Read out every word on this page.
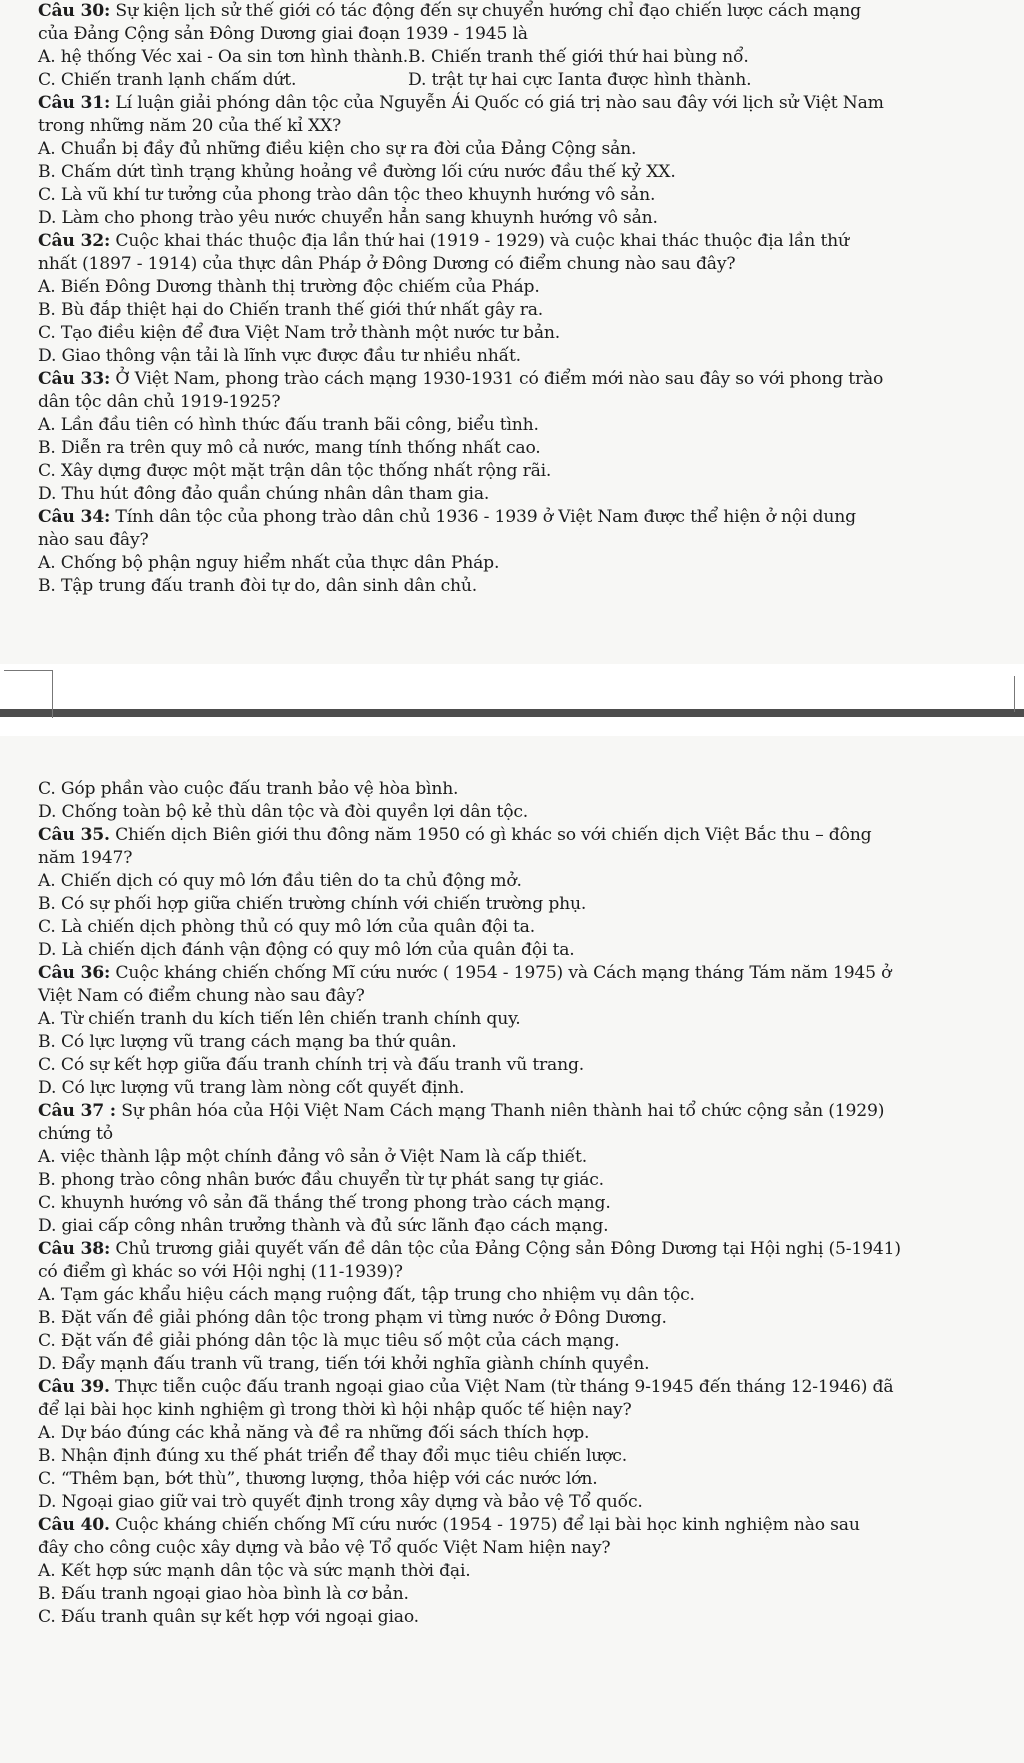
Câu 30: Sự kiện lịch sử thế giới có tác động đến sự chuyển hướng chỉ đạo chiến lược cách mạng
của Đảng Cộng sản Đông Dương giai đoạn 1939 - 1945 là
A. hệ thống Véc xai - Oa sin tơn hình thành. B. Chiến tranh thế giới thứ hai bùng nổ.
C. Chiến tranh lạnh chấm dứt.	D. trật tự hai cực Ianta được hình thành.
Câu 31: Lí luận giải phóng dân tộc của Nguyễn Ái Quốc có giá trị nào sau đây với lịch sử Việt Nam
trong những năm 20 của thế kỉ XX?
A. Chuẩn bị đầy đủ những điều kiện cho sự ra đời của Đảng Cộng sản.
B. Chấm dứt tình trạng khủng hoảng về đường lối cứu nước đầu thế kỷ XX.
C. Là vũ khí tư tưởng của phong trào dân tộc theo khuynh hướng vô sản.
D. Làm cho phong trào yêu nước chuyển hẳn sang khuynh hướng vô sản.
Câu 32: Cuộc khai thác thuộc địa lần thứ hai (1919 - 1929) và cuộc khai thác thuộc địa lần thứ
nhất (1897 - 1914) của thực dân Pháp ở Đông Dương có điểm chung nào sau đây?
A. Biến Đông Dương thành thị trường độc chiếm của Pháp.
B. Bù đắp thiệt hại do Chiến tranh thế giới thứ nhất gây ra.
C. Tạo điều kiện để đưa Việt Nam trở thành một nước tư bản.
D. Giao thông vận tải là lĩnh vực được đầu tư nhiều nhất.
Câu 33: Ở Việt Nam, phong trào cách mạng 1930-1931 có điểm mới nào sau đây so với phong trào
dân tộc dân chủ 1919-1925?
A. Lần đầu tiên có hình thức đấu tranh bãi công, biểu tình.
B. Diễn ra trên quy mô cả nước, mang tính thống nhất cao.
C. Xây dựng được một mặt trận dân tộc thống nhất rộng rãi.
D. Thu hút đông đảo quần chúng nhân dân tham gia.
Câu 34: Tính dân tộc của phong trào dân chủ 1936 - 1939 ở Việt Nam được thể hiện ở nội dung
nào sau đây?
A. Chống bộ phận nguy hiểm nhất của thực dân Pháp.
B. Tập trung đấu tranh đòi tự do, dân sinh dân chủ.
C. Góp phần vào cuộc đấu tranh bảo vệ hòa bình.
D. Chống toàn bộ kẻ thù dân tộc và đòi quyền lợi dân tộc.
Câu 35. Chiến dịch Biên giới thu đông năm 1950 có gì khác so với chiến dịch Việt Bắc thu – đông
năm 1947?
A. Chiến dịch có quy mô lớn đầu tiên do ta chủ động mở.
B. Có sự phối hợp giữa chiến trường chính với chiến trường phụ.
C. Là chiến dịch phòng thủ có quy mô lớn của quân đội ta.
D. Là chiến dịch đánh vận động có quy mô lớn của quân đội ta.
Câu 36: Cuộc kháng chiến chống Mĩ cứu nước ( 1954 - 1975) và Cách mạng tháng Tám năm 1945 ở
Việt Nam có điểm chung nào sau đây?
A. Từ chiến tranh du kích tiến lên chiến tranh chính quy.
B. Có lực lượng vũ trang cách mạng ba thứ quân.
C. Có sự kết hợp giữa đấu tranh chính trị và đấu tranh vũ trang.
D. Có lực lượng vũ trang làm nòng cốt quyết định.
Câu 37 : Sự phân hóa của Hội Việt Nam Cách mạng Thanh niên thành hai tổ chức cộng sản (1929)
chứng tỏ
A. việc thành lập một chính đảng vô sản ở Việt Nam là cấp thiết.
B. phong trào công nhân bước đầu chuyển từ tự phát sang tự giác.
C. khuynh hướng vô sản đã thắng thế trong phong trào cách mạng.
D. giai cấp công nhân trưởng thành và đủ sức lãnh đạo cách mạng.
Câu 38: Chủ trương giải quyết vấn đề dân tộc của Đảng Cộng sản Đông Dương tại Hội nghị (5-1941)
có điểm gì khác so với Hội nghị (11-1939)?
A. Tạm gác khẩu hiệu cách mạng ruộng đất, tập trung cho nhiệm vụ dân tộc.
B. Đặt vấn đề giải phóng dân tộc trong phạm vi từng nước ở Đông Dương.
C. Đặt vấn đề giải phóng dân tộc là mục tiêu số một của cách mạng.
D. Đẩy mạnh đấu tranh vũ trang, tiến tới khởi nghĩa giành chính quyền.
Câu 39. Thực tiễn cuộc đấu tranh ngoại giao của Việt Nam (từ tháng 9-1945 đến tháng 12-1946) đã
để lại bài học kinh nghiệm gì trong thời kì hội nhập quốc tế hiện nay?
A. Dự báo đúng các khả năng và đề ra những đối sách thích hợp.
B. Nhận định đúng xu thế phát triển để thay đổi mục tiêu chiến lược.
C. “Thêm bạn, bớt thù”, thương lượng, thỏa hiệp với các nước lớn.
D. Ngoại giao giữ vai trò quyết định trong xây dựng và bảo vệ Tổ quốc.
Câu 40. Cuộc kháng chiến chống Mĩ cứu nước (1954 - 1975) để lại bài học kinh nghiệm nào sau
đây cho công cuộc xây dựng và bảo vệ Tổ quốc Việt Nam hiện nay?
A. Kết hợp sức mạnh dân tộc và sức mạnh thời đại.
B. Đấu tranh ngoại giao hòa bình là cơ bản.
C. Đấu tranh quân sự kết hợp với ngoại giao.
